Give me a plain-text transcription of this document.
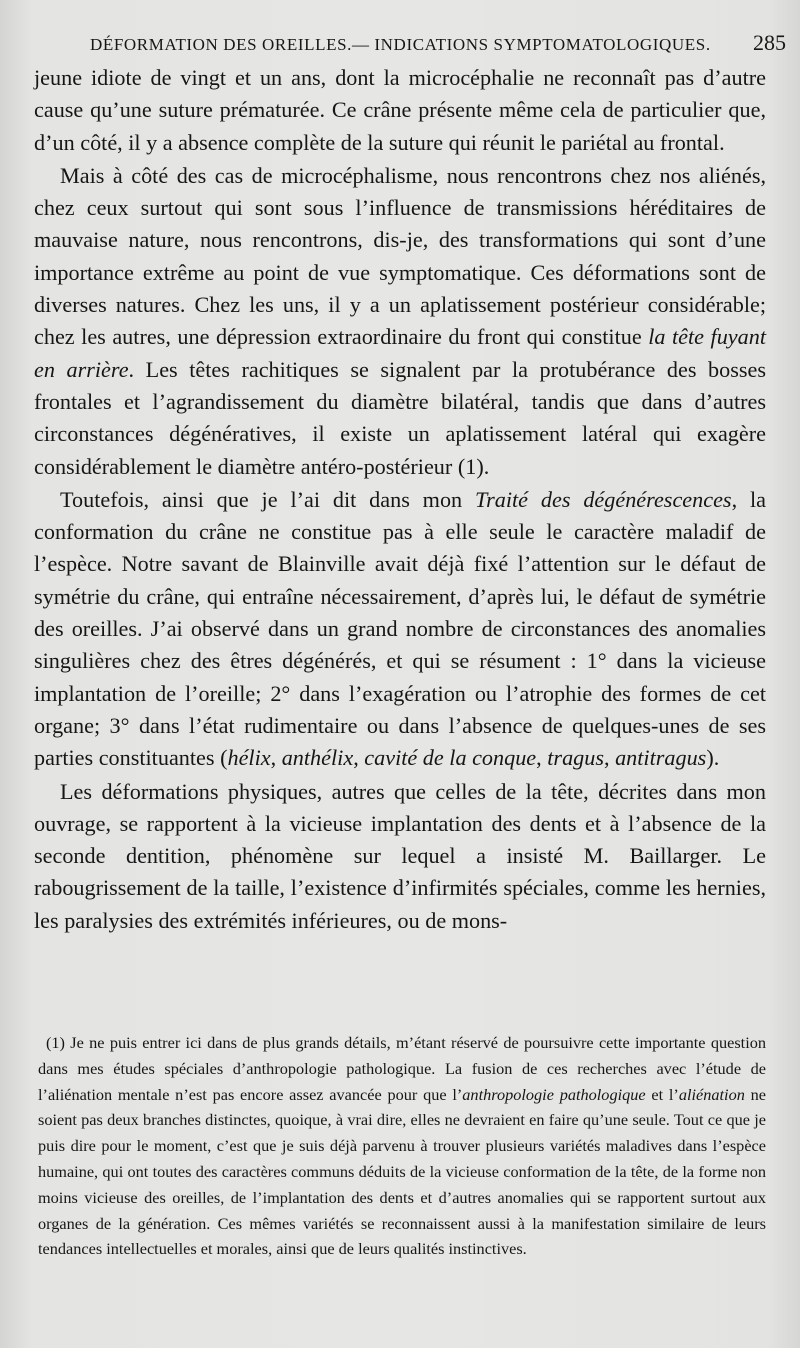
DÉFORMATION DES OREILLES.— INDICATIONS SYMPTOMATOLOGIQUES. 285

jeune idiote de vingt et un ans, dont la microcéphalie ne reconnaît pas d’autre cause qu’une suture prématurée. Ce crâne présente même cela de particulier que, d’un côté, il y a absence complète de la suture qui réunit le pariétal au frontal.

Mais à côté des cas de microcéphalisme, nous rencontrons chez nos aliénés, chez ceux surtout qui sont sous l’influence de transmissions héréditaires de mauvaise nature, nous rencontrons, dis-je, des transformations qui sont d’une importance extrême au point de vue symptomatique. Ces déformations sont de diverses natures. Chez les uns, il y a un aplatissement postérieur considérable; chez les autres, une dépression extraordinaire du front qui constitue la tête fuyant en arrière. Les têtes rachitiques se signalent par la protubérance des bosses frontales et l’agrandissement du diamètre bilatéral, tandis que dans d’autres circonstances dégénératives, il existe un aplatissement latéral qui exagère considérablement le diamètre antéro-postérieur (1).

Toutefois, ainsi que je l’ai dit dans mon Traité des dégénérescences, la conformation du crâne ne constitue pas à elle seule le caractère maladif de l’espèce. Notre savant de Blainville avait déjà fixé l’attention sur le défaut de symétrie du crâne, qui entraîne nécessairement, d’après lui, le défaut de symétrie des oreilles. J’ai observé dans un grand nombre de circonstances des anomalies singulières chez des êtres dégénérés, et qui se résument : 1° dans la vicieuse implantation de l’oreille; 2° dans l’exagération ou l’atrophie des formes de cet organe; 3° dans l’état rudimentaire ou dans l’absence de quelques-unes de ses parties constituantes (hélix, anthélix, cavité de la conque, tragus, antitragus).

Les déformations physiques, autres que celles de la tête, décrites dans mon ouvrage, se rapportent à la vicieuse implantation des dents et à l’absence de la seconde dentition, phénomène sur lequel a insisté M. Baillarger. Le rabougrissement de la taille, l’existence d’infirmités spéciales, comme les hernies, les paralysies des extrémités inférieures, ou de mons-

(1) Je ne puis entrer ici dans de plus grands détails, m’étant réservé de poursuivre cette importante question dans mes études spéciales d’anthropologie pathologique. La fusion de ces recherches avec l’étude de l’aliénation mentale n’est pas encore assez avancée pour que l’anthropologie pathologique et l’aliénation ne soient pas deux branches distinctes, quoique, à vrai dire, elles ne devraient en faire qu’une seule. Tout ce que je puis dire pour le moment, c’est que je suis déjà parvenu à trouver plusieurs variétés maladives dans l’espèce humaine, qui ont toutes des caractères communs déduits de la vicieuse conformation de la tête, de la forme non moins vicieuse des oreilles, de l’implantation des dents et d’autres anomalies qui se rapportent surtout aux organes de la génération. Ces mêmes variétés se reconnaissent aussi à la manifestation similaire de leurs tendances intellectuelles et morales, ainsi que de leurs qualités instinctives.
